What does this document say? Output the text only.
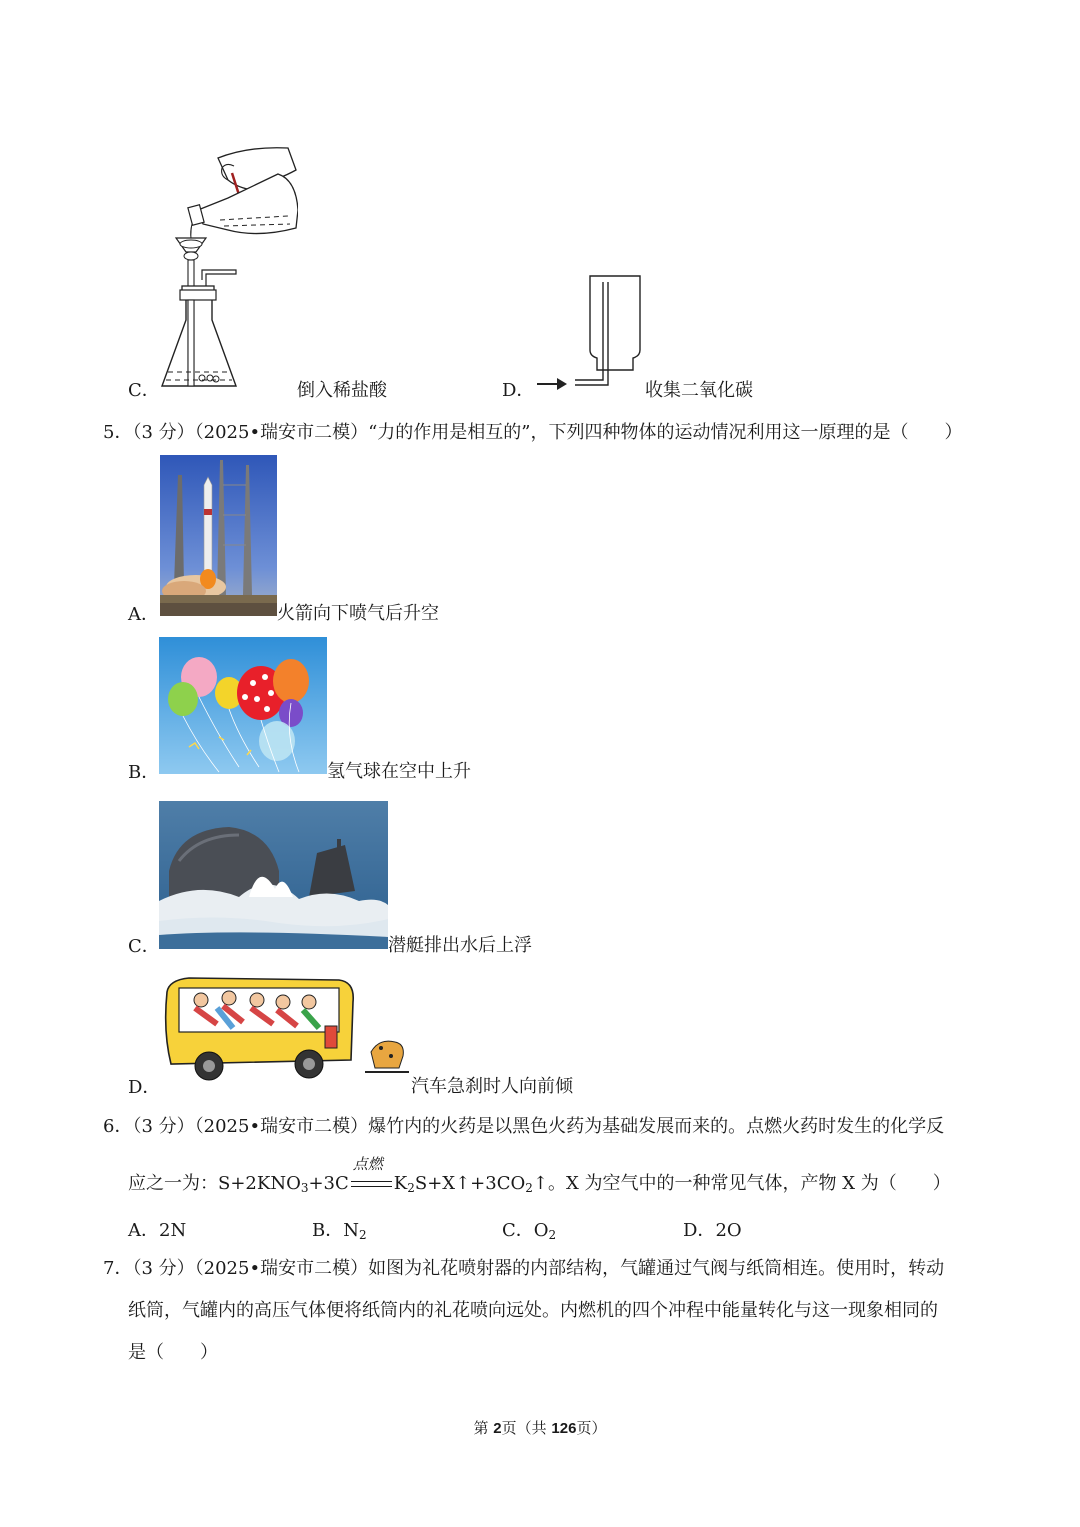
C．	倒入稀盐酸	D．	收集二氧化碳
5．（3 分）（2025•瑞安市二模）“力的作用是相互的”，下列四种物体的运动情况利用这一原理的是（　　）
A．	火箭向下喷气后升空
B．	氢气球在空中上升
C．	潜艇排出水后上浮
D．	汽车急刹时人向前倾
6．（3 分）（2025•瑞安市二模）爆竹内的火药是以黑色火药为基础发展而来的。点燃火药时发生的化学反
应之一为：$S+2KNO_3+3C$
点燃
$K_2S+X↑+3CO_2↑$。X 为空气中的一种常见气体，产物 X 为（　　）
A．2N	B．$N_2$	C．$O_2$	D．2O
7．（3 分）（2025•瑞安市二模）如图为礼花喷射器的内部结构，气罐通过气阀与纸筒相连。使用时，转动
纸筒，气罐内的高压气体便将纸筒内的礼花喷向远处。内燃机的四个冲程中能量转化与这一现象相同的
是（　　）
第 2页（共 126页）
